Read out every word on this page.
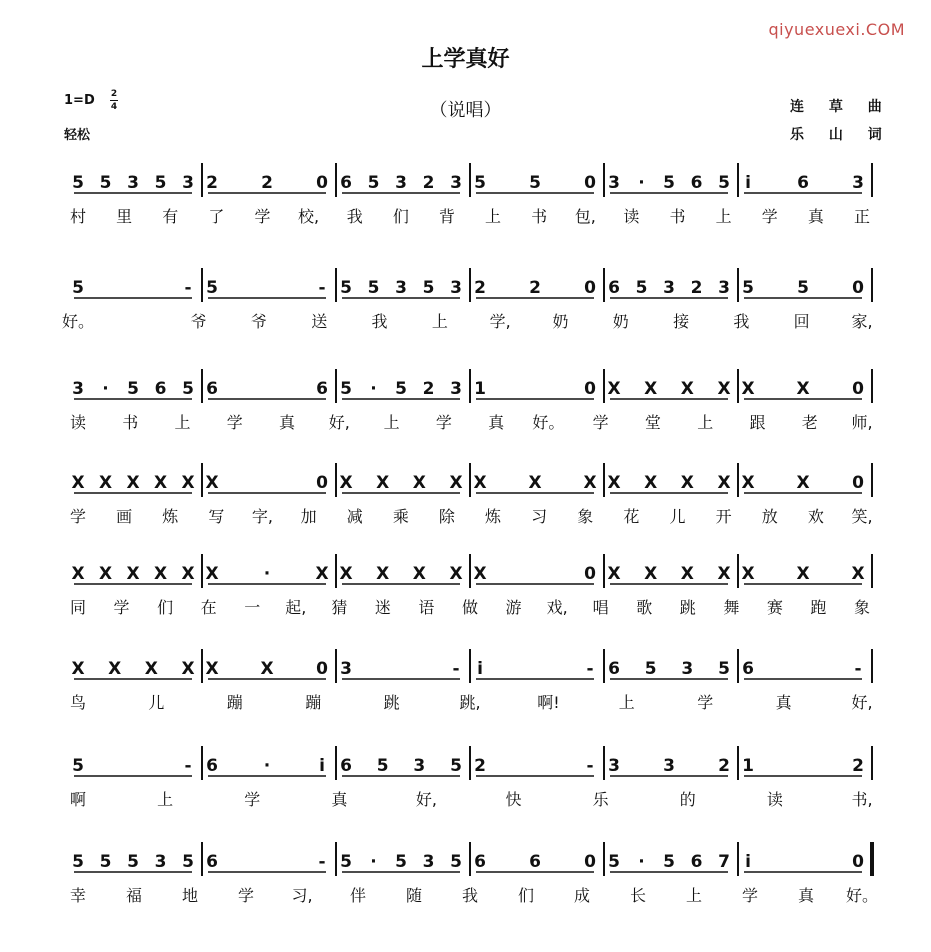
qiyuexuexi.COM
上学真好
（说唱）
1=D 2
4
轻松
连 草 曲
乐 山 词
5 5 3 5 3 2	2	0 6 5 3 2 3 5	5	0 3 · 5 6 5 i	6	3
村 里 有 了 学 校, 我 们 背 上 书 包, 读 书 上 学 真 正
5	- 5	- 5 5 3 5 3 2	2	0 6 5 3 2 3 5	5	0
好。	爷	爷	送	我	上	学,	奶	奶	接	我	回	家,
3 · 5 6 5 6	6 5 · 5 2 3 1	0 X X X X X X	0
读 书 上 学 真 好, 上 学 真 好。 学 堂 上 跟 老 师,
X X X X X X	0 X X X X X X X X X X X X X	0
学 画 炼 写 字, 加 减 乘 除 炼 习 象 花 儿 开 放 欢 笑,
X X X X X X	·	X X X X X X	0 X X X X X X X
同 学 们 在 一 起, 猜 迷 语 做 游 戏, 唱 歌 跳 舞 赛 跑 象
X X X X X X	0 3	- i	- 6 5 3 5 6	-
鸟	儿	蹦	蹦	跳	跳,	啊!	上	学	真	好,
5	- 6	·	i 6 5 3 5 2	- 3	3	2 1	2
啊	上	学	真	好,	快	乐	的	读	书,
5 5 5 3 5 6	- 5 · 5 3 5 6	6	0 5 · 5 6 7 i	0
幸 福 地 学 习, 伴 随 我 们 成 长 上 学 真 好。
